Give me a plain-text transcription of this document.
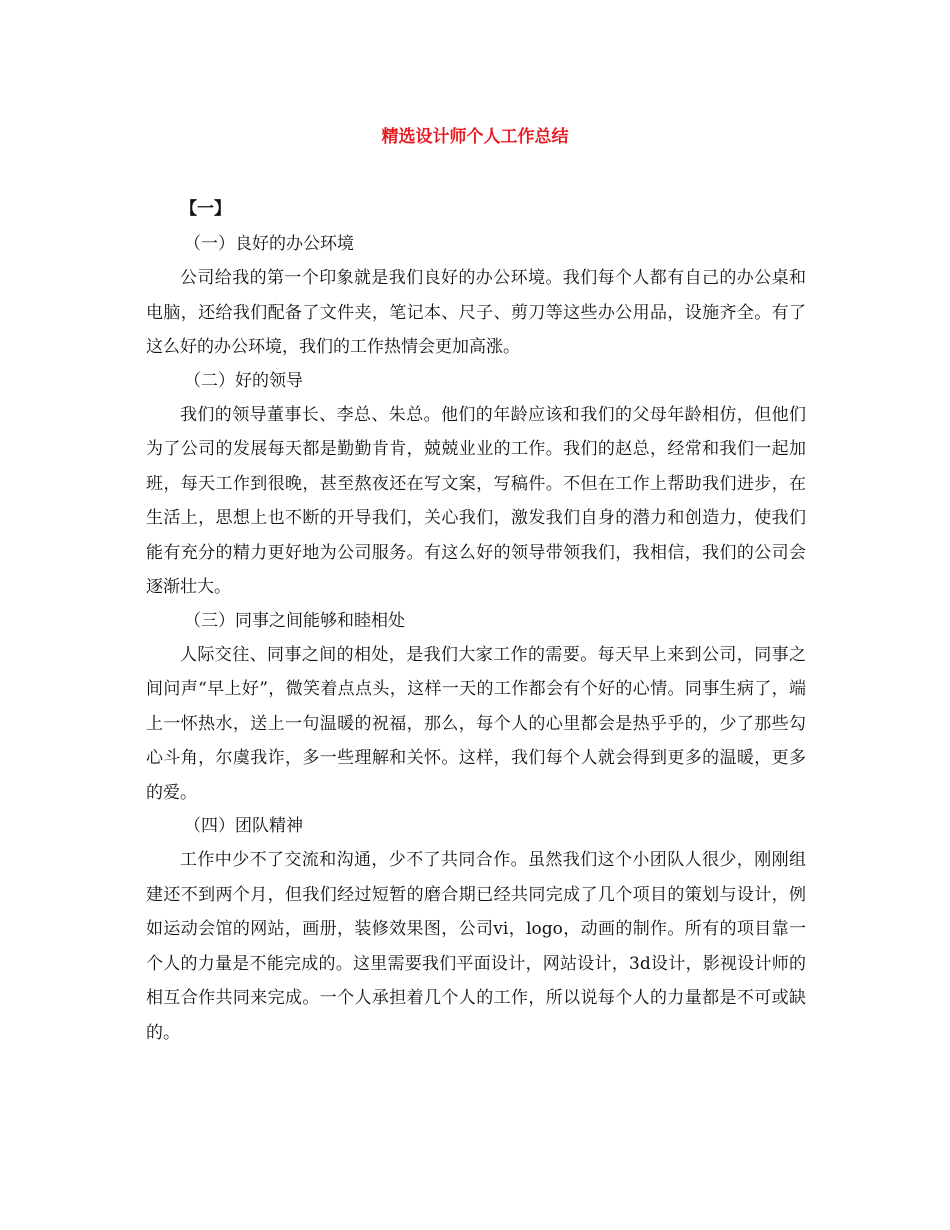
精选设计师个人工作总结
【一】

（一）良好的办公环境

公司给我的第一个印象就是我们良好的办公环境。我们每个人都有自己的办公桌和电脑，还给我们配备了文件夹，笔记本、尺子、剪刀等这些办公用品，设施齐全。有了这么好的办公环境，我们的工作热情会更加高涨。

（二）好的领导

我们的领导董事长、李总、朱总。他们的年龄应该和我们的父母年龄相仿，但他们为了公司的发展每天都是勤勤肯肯，兢兢业业的工作。我们的赵总，经常和我们一起加班，每天工作到很晚，甚至熬夜还在写文案，写稿件。不但在工作上帮助我们进步，在生活上，思想上也不断的开导我们，关心我们，激发我们自身的潜力和创造力，使我们能有充分的精力更好地为公司服务。有这么好的领导带领我们，我相信，我们的公司会逐渐壮大。

（三）同事之间能够和睦相处

人际交往、同事之间的相处，是我们大家工作的需要。每天早上来到公司，同事之间问声“早上好”，微笑着点点头，这样一天的工作都会有个好的心情。同事生病了，端上一怀热水，送上一句温暖的祝福，那么，每个人的心里都会是热乎乎的，少了那些勾心斗角，尔虞我诈，多一些理解和关怀。这样，我们每个人就会得到更多的温暖，更多的爱。

（四）团队精神

工作中少不了交流和沟通，少不了共同合作。虽然我们这个小团队人很少，刚刚组建还不到两个月，但我们经过短暂的磨合期已经共同完成了几个项目的策划与设计，例如运动会馆的网站，画册，装修效果图，公司vi，logo，动画的制作。所有的项目靠一个人的力量是不能完成的。这里需要我们平面设计，网站设计，3d设计，影视设计师的相互合作共同来完成。一个人承担着几个人的工作，所以说每个人的力量都是不可或缺的。
